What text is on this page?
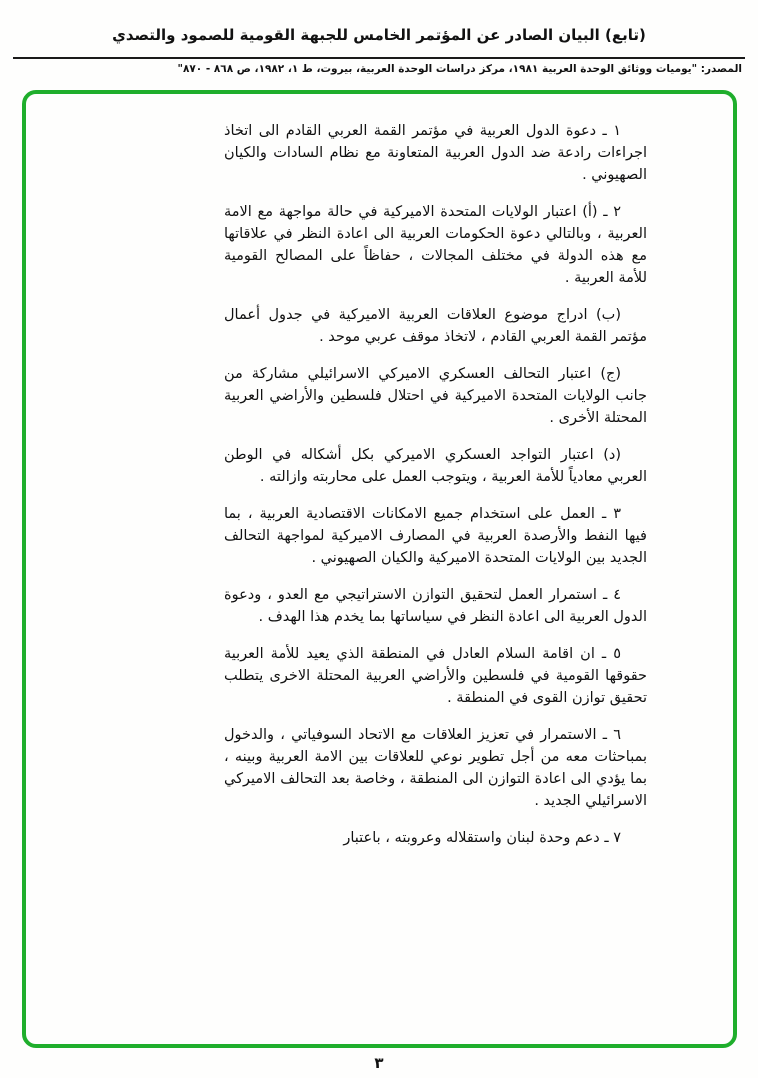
(تابع) البيان الصادر عن المؤتمر الخامس للجبهة القومية للصمود والتصدي
المصدر: "يوميات ووثائق الوحدة العربية ١٩٨١، مركز دراسات الوحدة العربية، بيروت، ط ١، ١٩٨٢، ص ٨٦٨ - ٨٧٠"

١ ـ دعوة الدول العربية في مؤتمر القمة العربي القادم الى اتخاذ اجراءات رادعة ضد الدول العربية المتعاونة مع نظام السادات والكيان الصهيوني .

٢ ـ (أ) اعتبار الولايات المتحدة الاميركية في حالة مواجهة مع الامة العربية ، وبالتالي دعوة الحكومات العربية الى اعادة النظر في علاقاتها مع هذه الدولة في مختلف المجالات ، حفاظاً على المصالح القومية للأمة العربية .

(ب) ادراج موضوع العلاقات العربية الاميركية في جدول أعمال مؤتمر القمة العربي القادم ، لاتخاذ موقف عربي موحد .

(ج) اعتبار التحالف العسكري الاميركي الاسرائيلي مشاركة من جانب الولايات المتحدة الاميركية في احتلال فلسطين والأراضي العربية المحتلة الأخرى .

(د) اعتبار التواجد العسكري الاميركي بكل أشكاله في الوطن العربي معادياً للأمة العربية ، ويتوجب العمل على محاربته وازالته .

٣ ـ العمل على استخدام جميع الامكانات الاقتصادية العربية ، بما فيها النفط والأرصدة العربية في المصارف الاميركية لمواجهة التحالف الجديد بين الولايات المتحدة الاميركية والكيان الصهيوني .

٤ ـ استمرار العمل لتحقيق التوازن الاستراتيجي مع العدو ، ودعوة الدول العربية الى اعادة النظر في سياساتها بما يخدم هذا الهدف .

٥ ـ ان اقامة السلام العادل في المنطقة الذي يعيد للأمة العربية حقوقها القومية في فلسطين والأراضي العربية المحتلة الاخرى يتطلب تحقيق توازن القوى في المنطقة .

٦ ـ الاستمرار في تعزيز العلاقات مع الاتحاد السوفياتي ، والدخول بمباحثات معه من أجل تطوير نوعي للعلاقات بين الامة العربية وبينه ، بما يؤدي الى اعادة التوازن الى المنطقة ، وخاصة بعد التحالف الاميركي الاسرائيلي الجديد .

٧ ـ دعم وحدة لبنان واستقلاله وعروبته ، باعتبار

٣
